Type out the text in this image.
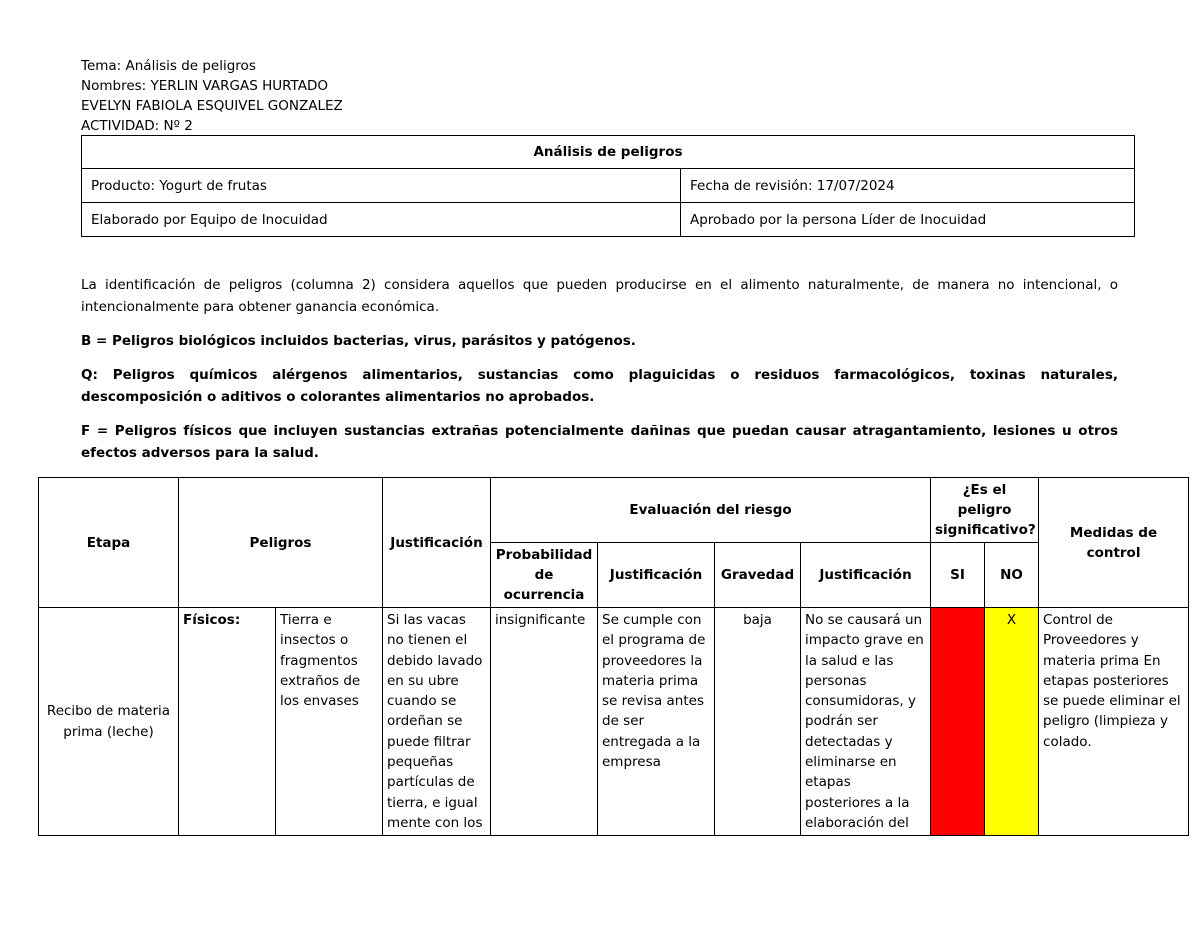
Tema: Análisis de peligros
Nombres: YERLIN VARGAS HURTADO
EVELYN FABIOLA ESQUIVEL GONZALEZ
ACTIVIDAD: Nº 2
Análisis de peligros	
Producto: Yogurt de frutas	Fecha de revisión: 17/07/2024
Elaborado por Equipo de Inocuidad	Aprobado por la persona Líder de Inocuidad
La identificación de peligros (columna 2) considera aquellos que pueden producirse en el alimento naturalmente, de manera no intencional, o intencionalmente para obtener ganancia económica.

B = Peligros biológicos incluidos bacterias, virus, parásitos y patógenos.

Q: Peligros químicos alérgenos alimentarios, sustancias como plaguicidas o residuos farmacológicos, toxinas naturales, descomposición o aditivos o colorantes alimentarios no aprobados.

F = Peligros físicos que incluyen sustancias extrañas potencialmente dañinas que puedan causar atragantamiento, lesiones u otros efectos adversos para la salud.

Etapa	Peligros		Justificación	Evaluación del riesgo				¿Es el peligro significativo?		Medidas de control
				Probabilidad de ocurrencia	Justificación	Gravedad	Justificación	SI	NO	
Recibo de materia prima (leche)	Físicos:	Tierra e insectos o fragmentos extraños de los envases	Si las vacas no tienen el debido lavado en su ubre cuando se ordeñan se puede filtrar pequeñas partículas de tierra, e igual mente con los	insignificante	Se cumple con el programa de proveedores la materia prima se revisa antes de ser entregada a la empresa	baja	No se causará un impacto grave en la salud e las personas consumidoras, y podrán ser detectadas y eliminarse en etapas posteriores a la elaboración del		X	Control de Proveedores y materia prima En etapas posteriores se puede eliminar el peligro (limpieza y colado.
